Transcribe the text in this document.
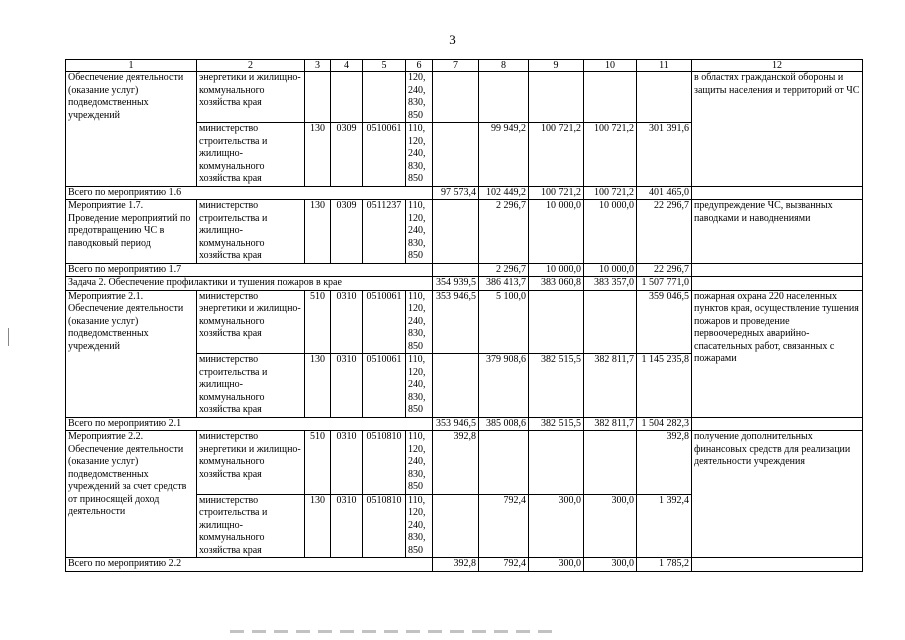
3
1	2	3	4	5	6	7	8	9	10	11	12
Обеспечение деятельности (оказание услуг) подведомственных учреждений	энергетики и жилищно-коммунального хозяйства края				120,
240,
830,
850						в областях гражданской обороны и защиты населения и территорий от ЧС
	министерство строительства и жилищно-коммунального хозяйства края	130	0309	0510061	110,
120,
240,
830,
850		99 949,2	100 721,2	100 721,2	301 391,6	
Всего по мероприятию 1.6						97 573,4	102 449,2	100 721,2	100 721,2	401 465,0	
Мероприятие 1.7. Проведение мероприятий по предотвращению ЧС в паводковый период	министерство строительства и жилищно-коммунального хозяйства края	130	0309	0511237	110,
120,
240,
830,
850		2 296,7	10 000,0	10 000,0	22 296,7	предупреждение ЧС, вызванных паводками и наводнениями
Всего по мероприятию 1.7							2 296,7	10 000,0	10 000,0	22 296,7	
Задача 2. Обеспечение профилактики и тушения пожаров в крае						354 939,5	386 413,7	383 060,8	383 357,0	1 507 771,0	
Мероприятие 2.1. Обеспечение деятельности (оказание услуг) подведомственных учреждений	министерство энергетики и жилищно-коммунального хозяйства края	510	0310	0510061	110,
120,
240,
830,
850	353 946,5	5 100,0			359 046,5	пожарная охрана 220 населенных пунктов края, осуществление тушения пожаров и проведение первоочередных аварийно-спасательных работ, связанных с пожарами
	министерство строительства и жилищно-коммунального хозяйства края	130	0310	0510061	110,
120,
240,
830,
850		379 908,6	382 515,5	382 811,7	1 145 235,8	
Всего по мероприятию 2.1						353 946,5	385 008,6	382 515,5	382 811,7	1 504 282,3	
Мероприятие 2.2. Обеспечение деятельности (оказание услуг) подведомственных учреждений за счет средств от приносящей доход деятельности	министерство энергетики и жилищно-коммунального хозяйства края	510	0310	0510810	110,
120,
240,
830,
850	392,8				392,8	получение дополнительных финансовых средств для реализации деятельности учреждения
	министерство строительства и жилищно-коммунального хозяйства края	130	0310	0510810	110,
120,
240,
830,
850		792,4	300,0	300,0	1 392,4	
Всего по мероприятию 2.2						392,8	792,4	300,0	300,0	1 785,2	
